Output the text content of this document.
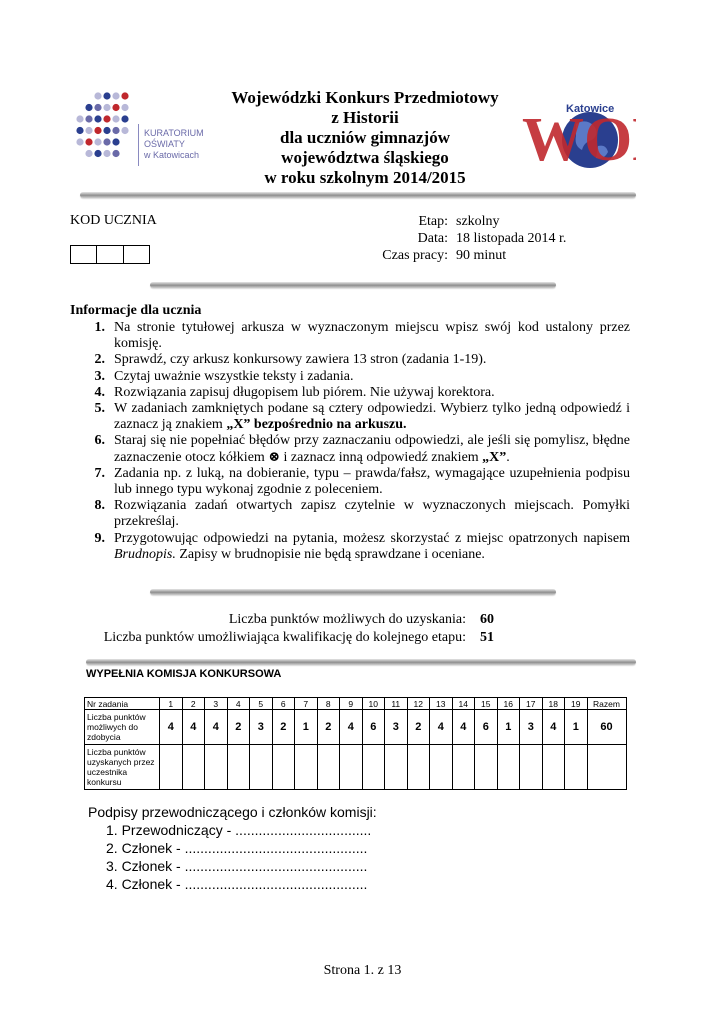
KURATORIUM
OŚWIATY
w Katowicach
Wojewódzki Konkurs Przedmiotowy
z Historii
dla uczniów gimnazjów
województwa śląskiego
w roku szkolnym 2014/2015
WO
Katowice
KOD UCZNIA	Etap: szkolny
Data: 18 listopada 2014 r.
Czas pracy: 90 minut
Informacje dla ucznia
1. Na stronie tytułowej arkusza w wyznaczonym miejscu wpisz swój kod ustalony przez komisję.
2. Sprawdź, czy arkusz konkursowy zawiera 13 stron (zadania 1-19).
3. Czytaj uważnie wszystkie teksty i zadania.
4. Rozwiązania zapisuj długopisem lub piórem. Nie używaj korektora.
5. W zadaniach zamkniętych podane są cztery odpowiedzi. Wybierz tylko jedną odpowiedź i zaznacz ją znakiem „X” bezpośrednio na arkuszu.
6. Staraj się nie popełniać błędów przy zaznaczaniu odpowiedzi, ale jeśli się pomylisz, błędne zaznaczenie otocz kółkiem ⊗ i zaznacz inną odpowiedź znakiem „X”.
7. Zadania np. z luką, na dobieranie, typu – prawda/fałsz, wymagające uzupełnienia podpisu lub innego typu wykonaj zgodnie z poleceniem.
8. Rozwiązania zadań otwartych zapisz czytelnie w wyznaczonych miejscach. Pomyłki przekreślaj.
9. Przygotowując odpowiedzi na pytania, możesz skorzystać z miejsc opatrzonych napisem Brudnopis. Zapisy w brudnopisie nie będą sprawdzane i oceniane.
Liczba punktów możliwych do uzyskania:	60
Liczba punktów umożliwiająca kwalifikację do kolejnego etapu:	51
WYPEŁNIA KOMISJA KONKURSOWA
Nr zadania	1	2	3	4	5	6	7	8	9	10	11	12	13	14	15	16	17	18	19	Razem
Liczba punktów możliwych do zdobycia	4	4	4	2	3	2	1	2	4	6	3	2	4	4	6	1	3	4	1	60
Liczba punktów uzyskanych przez uczestnika konkursu																				
Podpisy przewodniczącego i członków komisji:
1. Przewodniczący - ...................................
2. Członek - ...............................................
3. Członek - ...............................................
4. Członek - ...............................................
Strona 1. z 13
